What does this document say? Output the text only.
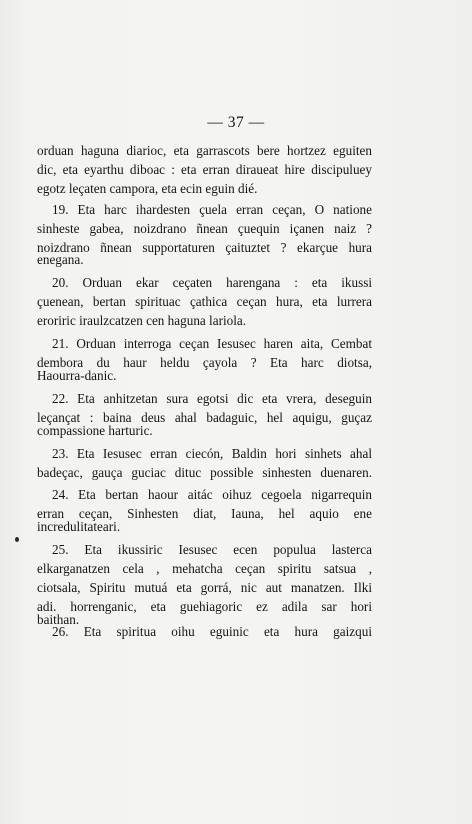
— 37 —
orduan haguna diarioc, eta garrascots bere hortzez eguiten
dic, eta eyarthu diboac : eta erran diraueat hire discipuluey
egotz leçaten campora, eta ecin eguin dié.
19. Eta harc ihardesten çuela erran ceçan, O natione
sinheste gabea, noizdrano ñnean çuequin içanen naiz ?
noizdrano ñnean supportaturen çaituztet ? ekarçue hura
enegana.
20. Orduan ekar ceçaten harengana : eta ikussi
çuenean, bertan spirituac çathica ceçan hura, eta lurrera
eroriric iraulzcatzen cen haguna lariola.
21. Orduan interroga ceçan Iesusec haren aita, Cembat
dembora du haur heldu çayola ? Eta harc diotsa,
Haourra-danic.
22. Eta anhitzetan sura egotsi dic eta vrera, deseguin
leçançat : baina deus ahal badaguic, hel aquigu, guçaz
compassione harturic.
23. Eta Iesusec erran ciecón, Baldin hori sinhets ahal
badeçac, gauça guciac dituc possible sinhesten duenaren.
24. Eta bertan haour aitác oihuz cegoela nigarrequin
erran ceçan, Sinhesten diat, Iauna, hel aquio ene
incredulitateari.
25. Eta ikussiric Iesusec ecen populua lasterca
elkarganatzen cela , mehatcha ceçan spiritu satsua ,
ciotsala, Spiritu mutuá eta gorrá, nic aut manatzen. Ilki
adi. horrenganic, eta guehiagoric ez adila sar hori
baithan.
26. Eta spiritua oihu eguinic eta hura gaizqui
